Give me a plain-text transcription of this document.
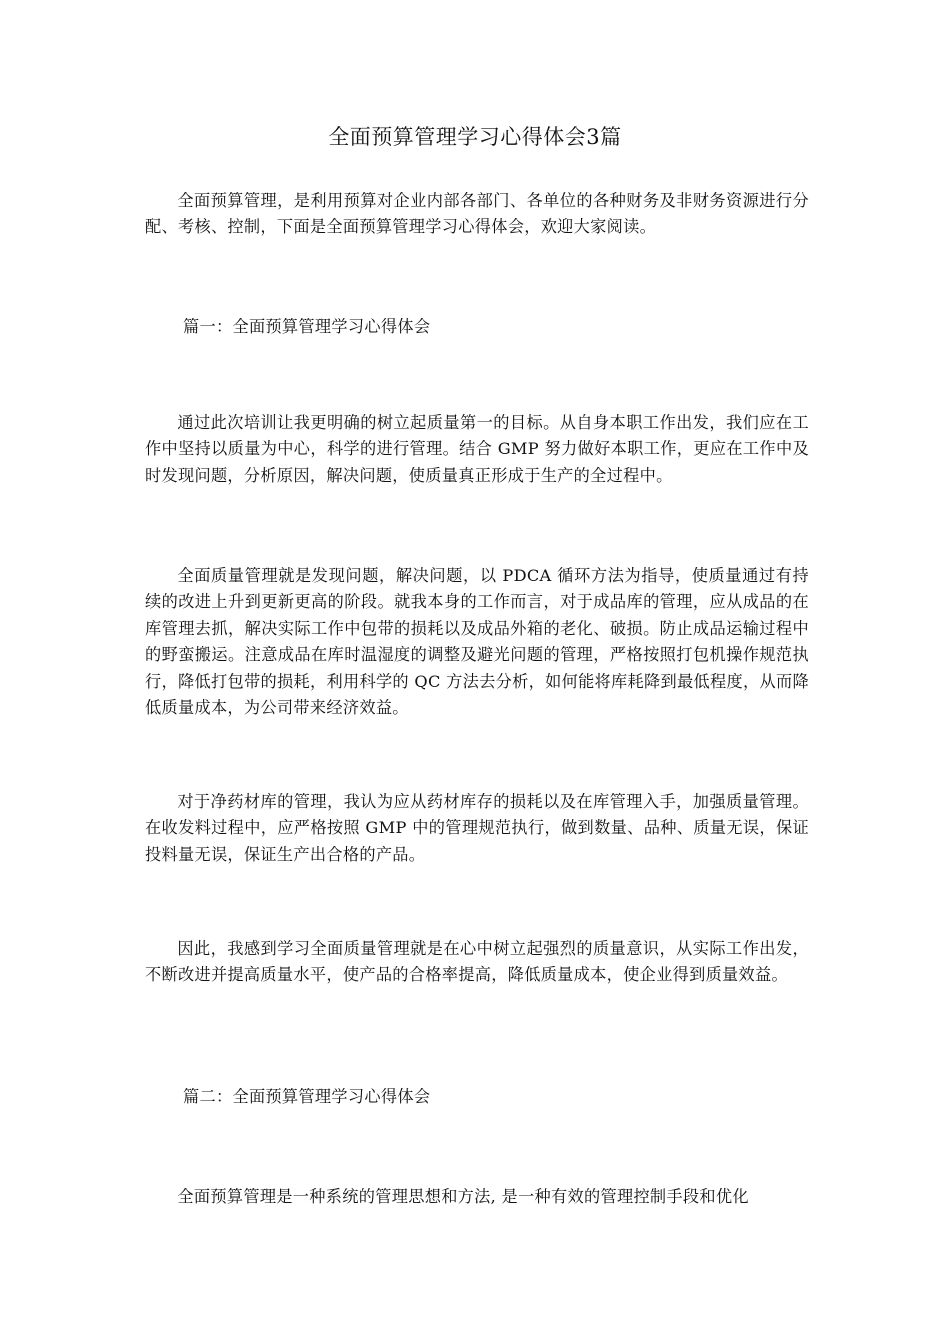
全面预算管理学习心得体会3篇

全面预算管理，是利用预算对企业内部各部门、各单位的各种财务及非财务资源进行分配、考核、控制，下面是全面预算管理学习心得体会，欢迎大家阅读。

篇一：全面预算管理学习心得体会

通过此次培训让我更明确的树立起质量第一的目标。从自身本职工作出发，我们应在工作中坚持以质量为中心，科学的进行管理。结合 GMP 努力做好本职工作，更应在工作中及时发现问题，分析原因，解决问题，使质量真正形成于生产的全过程中。

全面质量管理就是发现问题，解决问题，以 PDCA 循环方法为指导，使质量通过有持续的改进上升到更新更高的阶段。就我本身的工作而言，对于成品库的管理，应从成品的在库管理去抓，解决实际工作中包带的损耗以及成品外箱的老化、破损。防止成品运输过程中的野蛮搬运。注意成品在库时温湿度的调整及避光问题的管理，严格按照打包机操作规范执行，降低打包带的损耗，利用科学的 QC 方法去分析，如何能将库耗降到最低程度，从而降低质量成本，为公司带来经济效益。

对于净药材库的管理，我认为应从药材库存的损耗以及在库管理入手，加强质量管理。在收发料过程中，应严格按照 GMP 中的管理规范执行，做到数量、品种、质量无误，保证投料量无误，保证生产出合格的产品。

因此，我感到学习全面质量管理就是在心中树立起强烈的质量意识，从实际工作出发，不断改进并提高质量水平，使产品的合格率提高，降低质量成本，使企业得到质量效益。

篇二：全面预算管理学习心得体会

全面预算管理是一种系统的管理思想和方法, 是一种有效的管理控制手段和优化
